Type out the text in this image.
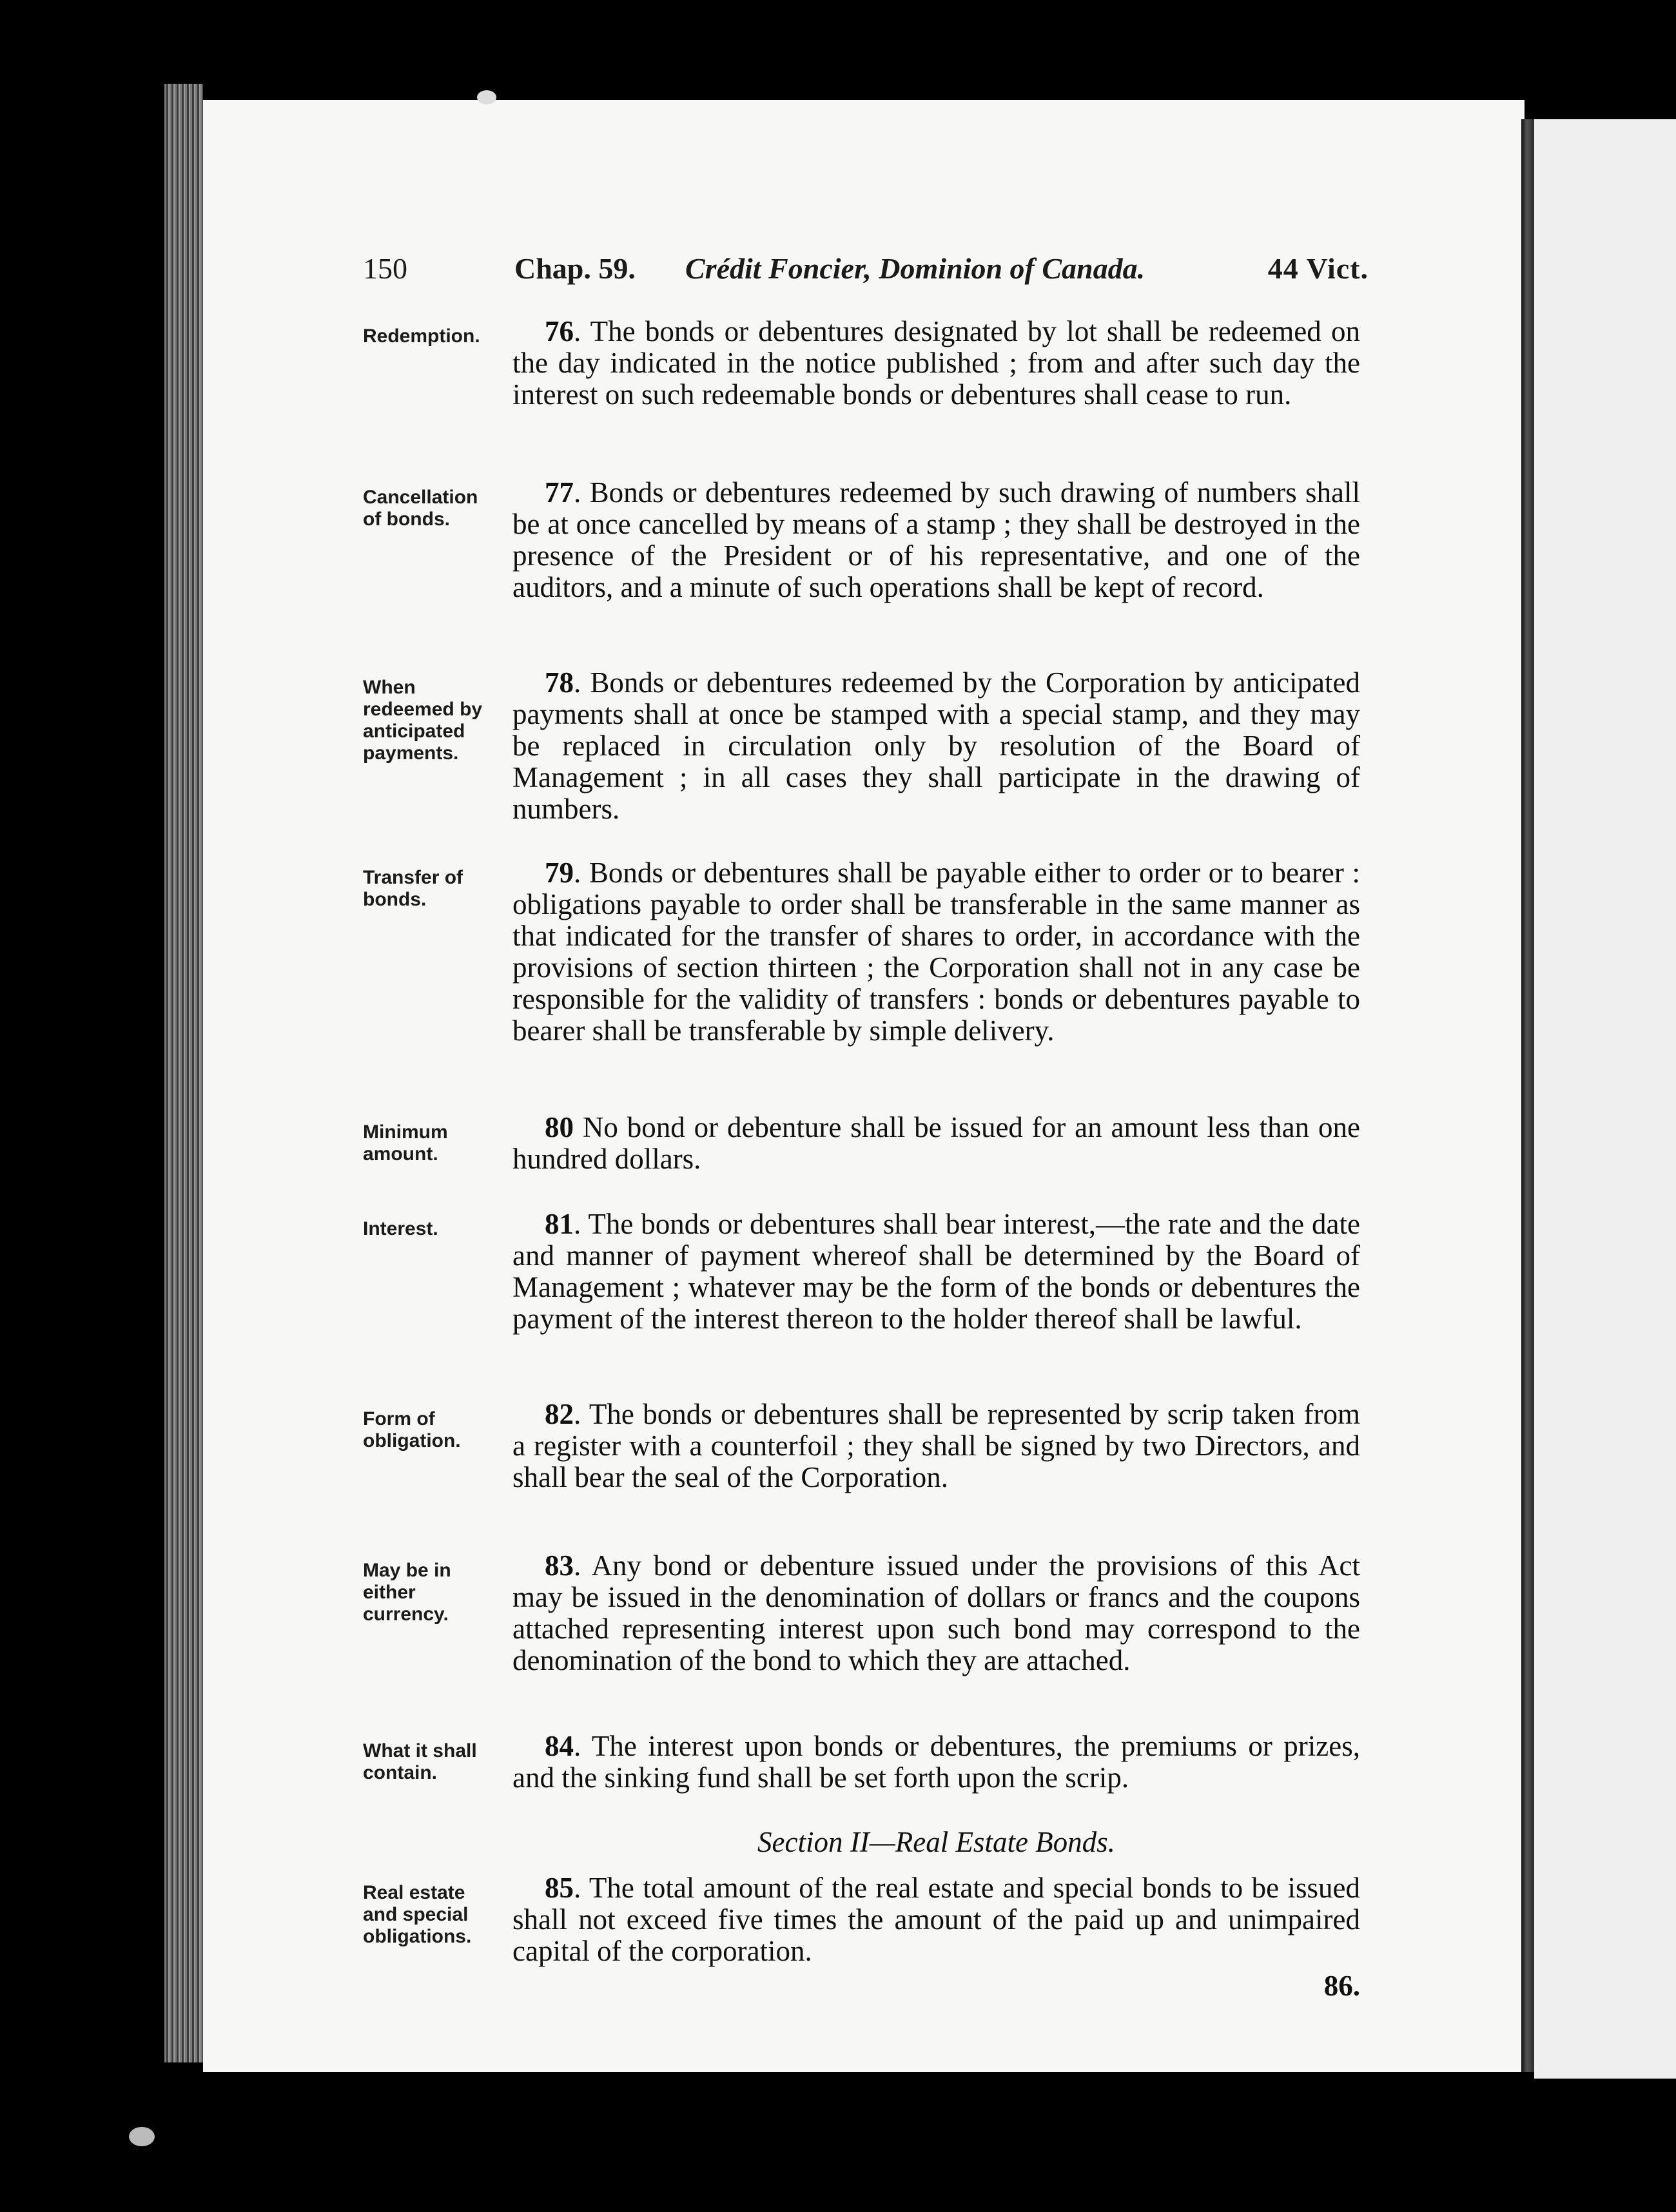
150	Chap. 59. Crédit Foncier, Dominion of Canada.	44 Vict.
Redemption.	76. The bonds or debentures designated by lot shall be redeemed on the day indicated in the notice published ; from and after such day the interest on such redeemable bonds or debentures shall cease to run.
Cancellation of bonds.
77. Bonds or debentures redeemed by such drawing of numbers shall be at once cancelled by means of a stamp ; they shall be destroyed in the presence of the President or of his representative, and one of the auditors, and a minute of such operations shall be kept of record.
When redeemed by anticipated payments.
78. Bonds or debentures redeemed by the Corporation by anticipated payments shall at once be stamped with a special stamp, and they may be replaced in circulation only by resolution of the Board of Management ; in all cases they shall participate in the drawing of numbers.
Transfer of bonds.
79. Bonds or debentures shall be payable either to order or to bearer : obligations payable to order shall be transferable in the same manner as that indicated for the transfer of shares to order, in accordance with the provisions of section thirteen ; the Corporation shall not in any case be responsible for the validity of transfers : bonds or debentures payable to bearer shall be transferable by simple delivery.
Minimum amount.
80 No bond or debenture shall be issued for an amount less than one hundred dollars.
Interest.	81. The bonds or debentures shall bear interest,—the rate and the date and manner of payment whereof shall be determined by the Board of Management ; whatever may be the form of the bonds or debentures the payment of the interest thereon to the holder thereof shall be lawful.
Form of obligation.
82. The bonds or debentures shall be represented by scrip taken from a register with a counterfoil ; they shall be signed by two Directors, and shall bear the seal of the Corporation.
May be in either currency.
83. Any bond or debenture issued under the provisions of this Act may be issued in the denomination of dollars or francs and the coupons attached representing interest upon such bond may correspond to the denomination of the bond to which they are attached.
What it shall contain.
84. The interest upon bonds or debentures, the premiums or prizes, and the sinking fund shall be set forth upon the scrip.
Section II—Real Estate Bonds.
Real estate and special obligations.
85. The total amount of the real estate and special bonds to be issued shall not exceed five times the amount of the paid up and unimpaired capital of the corporation.
86.
